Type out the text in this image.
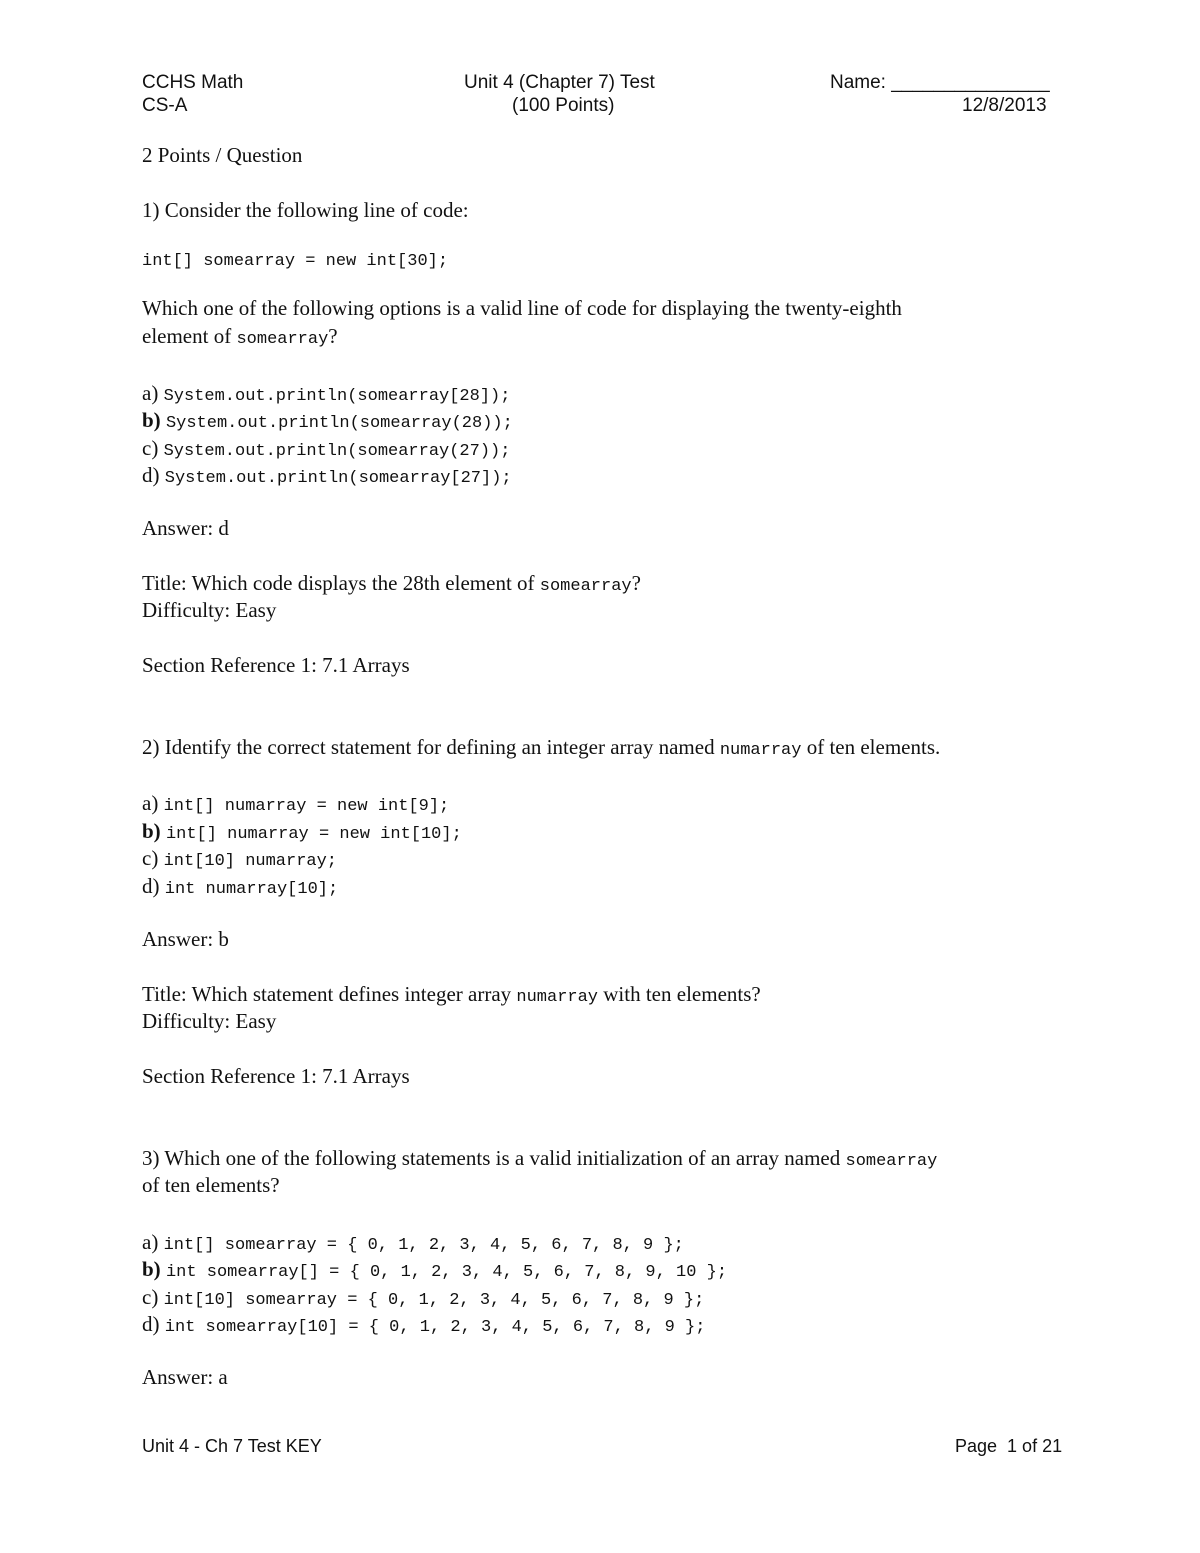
CCHS Math
CS-A
Unit 4 (Chapter 7) Test
(100 Points)
Name: _______________
12/8/2013
2 Points / Question
1) Consider the following line of code:
int[] somearray = new int[30];
Which one of the following options is a valid line of code for displaying the twenty-eighth
element of somearray?
a) System.out.println(somearray[28]);
b) System.out.println(somearray(28));
c) System.out.println(somearray(27));
d) System.out.println(somearray[27]);
Answer: d
Title: Which code displays the 28th element of somearray?
Difficulty: Easy
Section Reference 1: 7.1 Arrays
2) Identify the correct statement for defining an integer array named numarray of ten elements.
a) int[] numarray = new int[9];
b) int[] numarray = new int[10];
c) int[10] numarray;
d) int numarray[10];
Answer: b
Title: Which statement defines integer array numarray with ten elements?
Difficulty: Easy
Section Reference 1: 7.1 Arrays
3) Which one of the following statements is a valid initialization of an array named somearray
of ten elements?
a) int[] somearray = { 0, 1, 2, 3, 4, 5, 6, 7, 8, 9 };
b) int somearray[] = { 0, 1, 2, 3, 4, 5, 6, 7, 8, 9, 10 };
c) int[10] somearray = { 0, 1, 2, 3, 4, 5, 6, 7, 8, 9 };
d) int somearray[10] = { 0, 1, 2, 3, 4, 5, 6, 7, 8, 9 };
Answer: a
Unit 4 - Ch 7 Test KEY	Page  1 of 21
